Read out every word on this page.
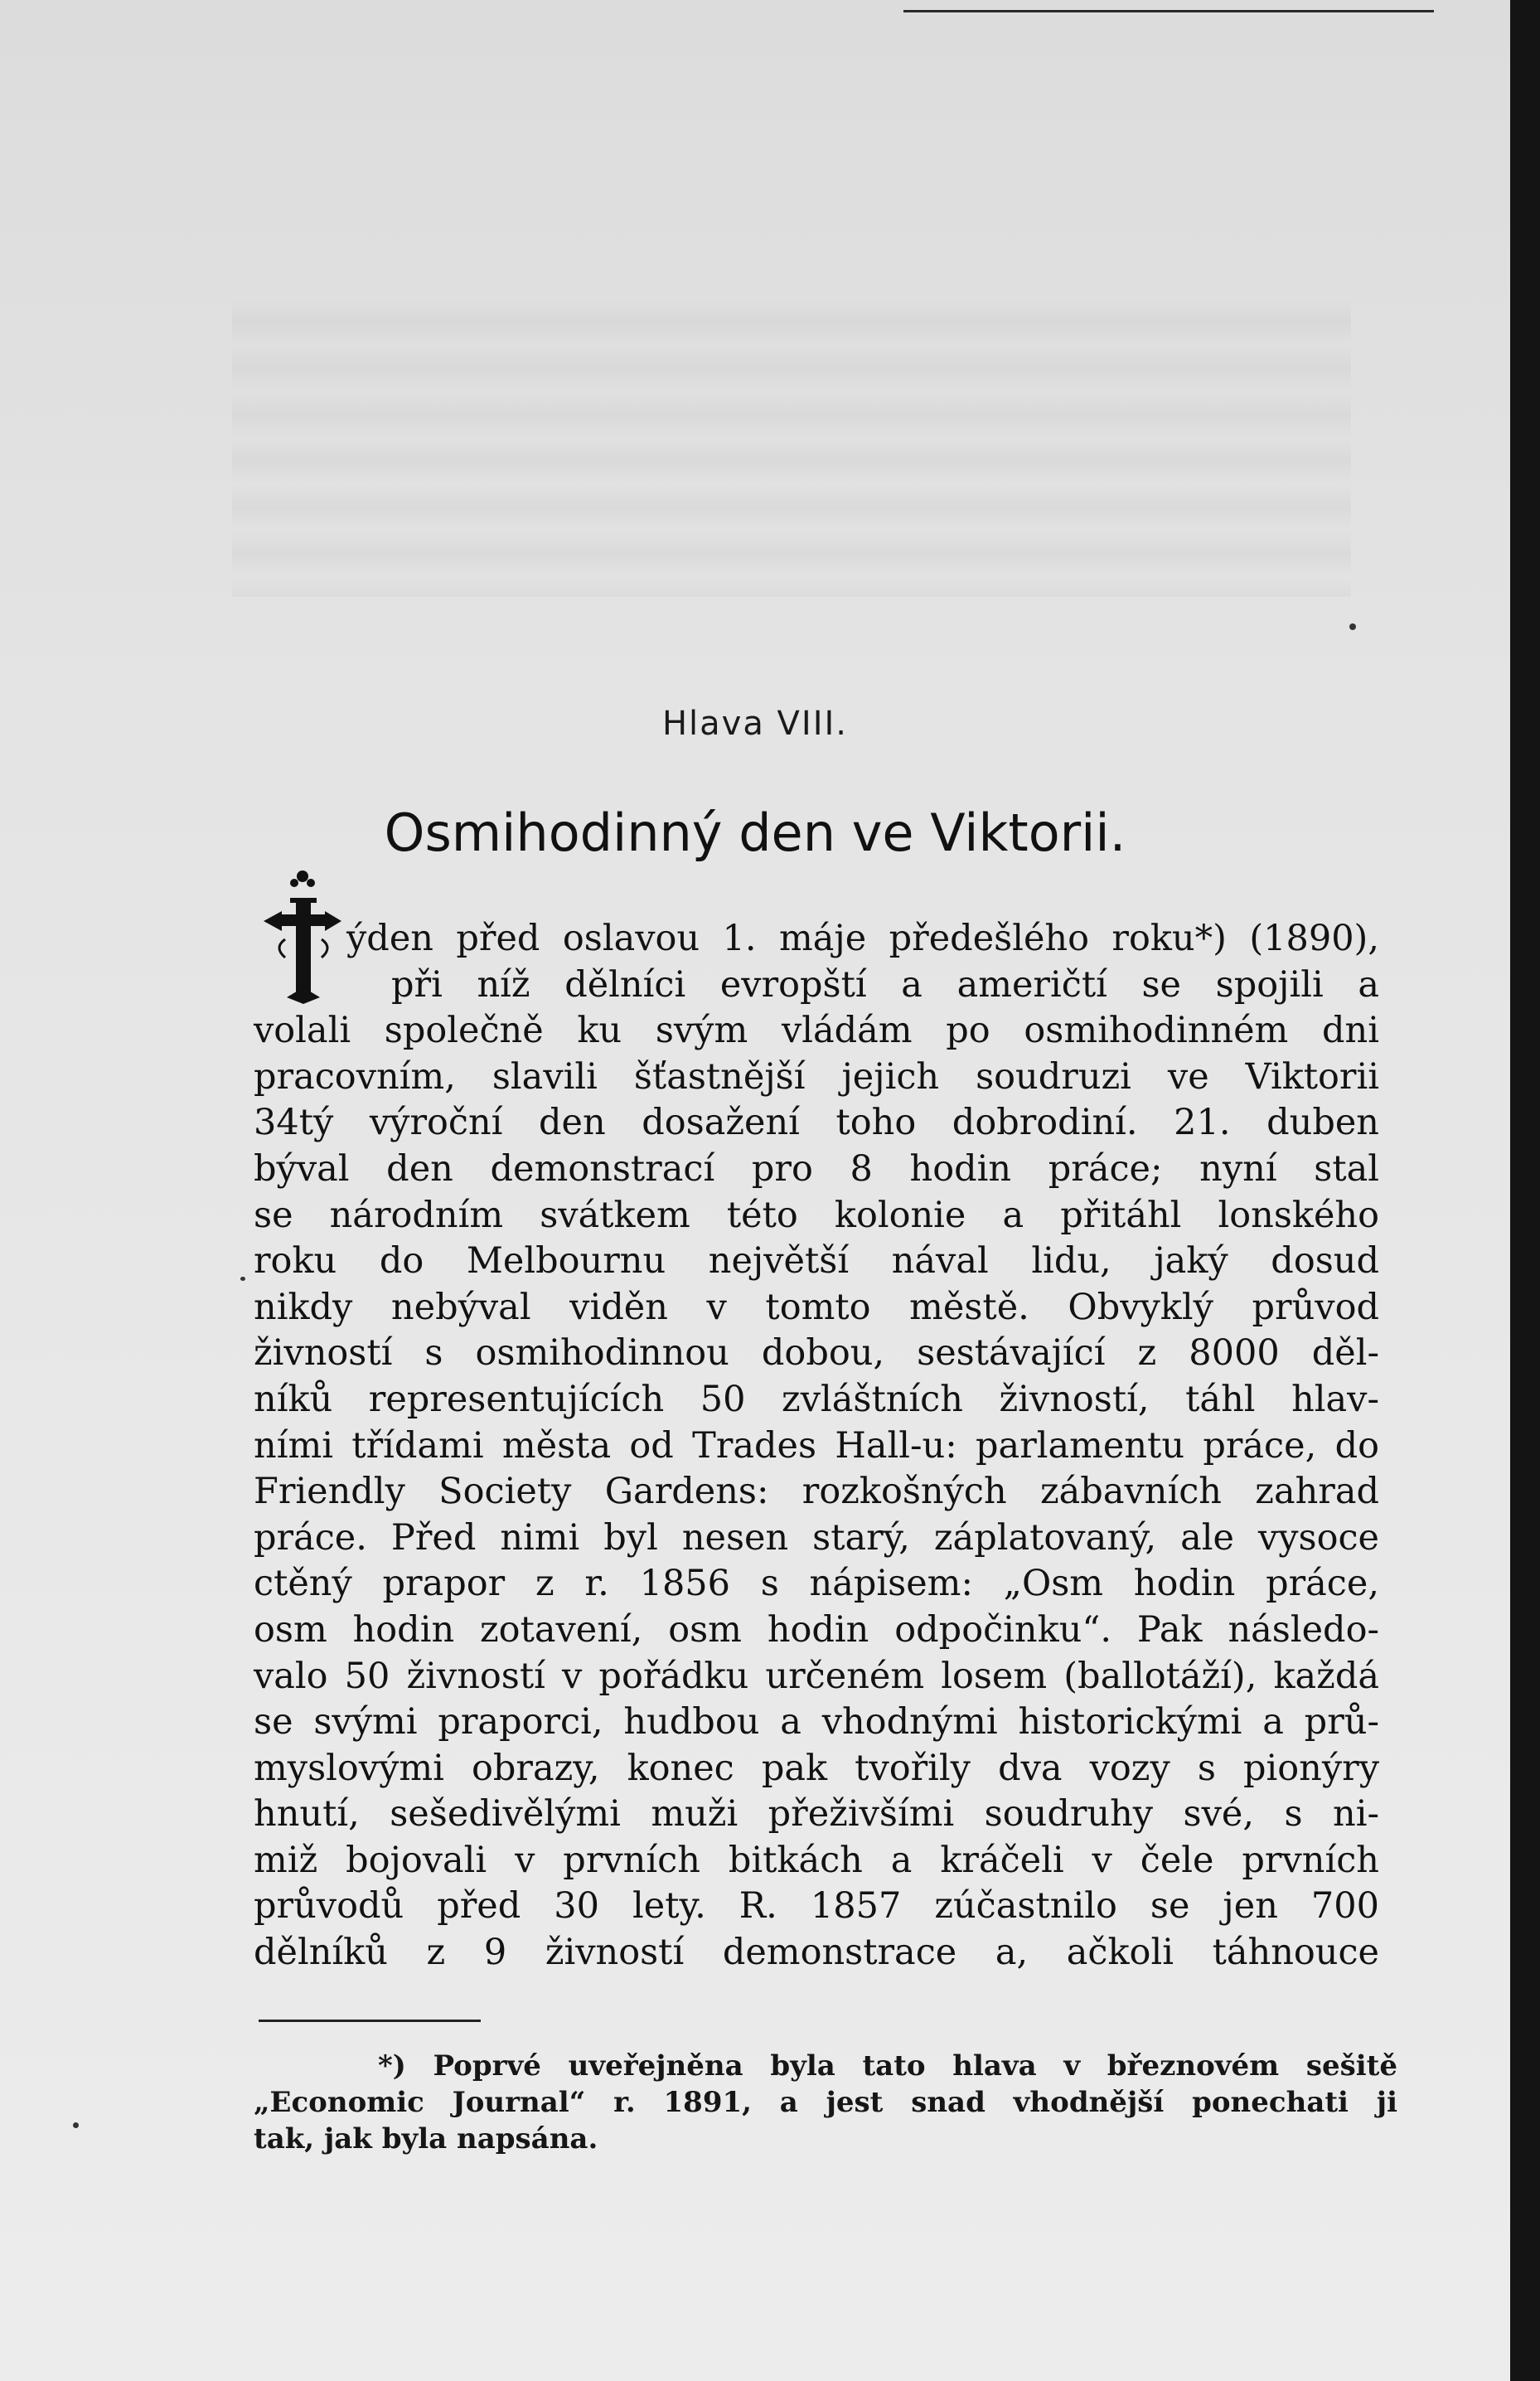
Hlava VIII.
Osmihodinný den ve Viktorii.
ýden před oslavou 1. máje předešlého roku*) (1890),
při níž dělníci evropští a američtí se spojili a
volali společně ku svým vládám po osmihodinném dni
pracovním, slavili šťastnější jejich soudruzi ve Viktorii
34tý výroční den dosažení toho dobrodiní. 21. duben
býval den demonstrací pro 8 hodin práce; nyní stal
se národním svátkem této kolonie a přitáhl lonského
roku do Melbournu největší nával lidu, jaký dosud
nikdy nebýval viděn v tomto městě. Obvyklý průvod
živností s osmihodinnou dobou, sestávající z 8000 děl-
níků representujících 50 zvláštních živností, táhl hlav-
ními třídami města od Trades Hall-u: parlamentu práce, do
Friendly Society Gardens: rozkošných zábavních zahrad
práce. Před nimi byl nesen starý, záplatovaný, ale vysoce
ctěný prapor z r. 1856 s nápisem: „Osm hodin práce,
osm hodin zotavení, osm hodin odpočinku“. Pak následo-
valo 50 živností v pořádku určeném losem (ballotáží), každá
se svými praporci, hudbou a vhodnými historickými a prů-
myslovými obrazy, konec pak tvořily dva vozy s pionýry
hnutí, sešedivělými muži přeživšími soudruhy své, s ni-
miž bojovali v prvních bitkách a kráčeli v čele prvních
průvodů před 30 lety. R. 1857 zúčastnilo se jen 700
dělníků z 9 živností demonstrace a, ačkoli táhnouce
*) Poprvé uveřejněna byla tato hlava v březnovém sešitě
„Economic Journal“ r. 1891, a jest snad vhodnější ponechati ji
tak, jak byla napsána.
